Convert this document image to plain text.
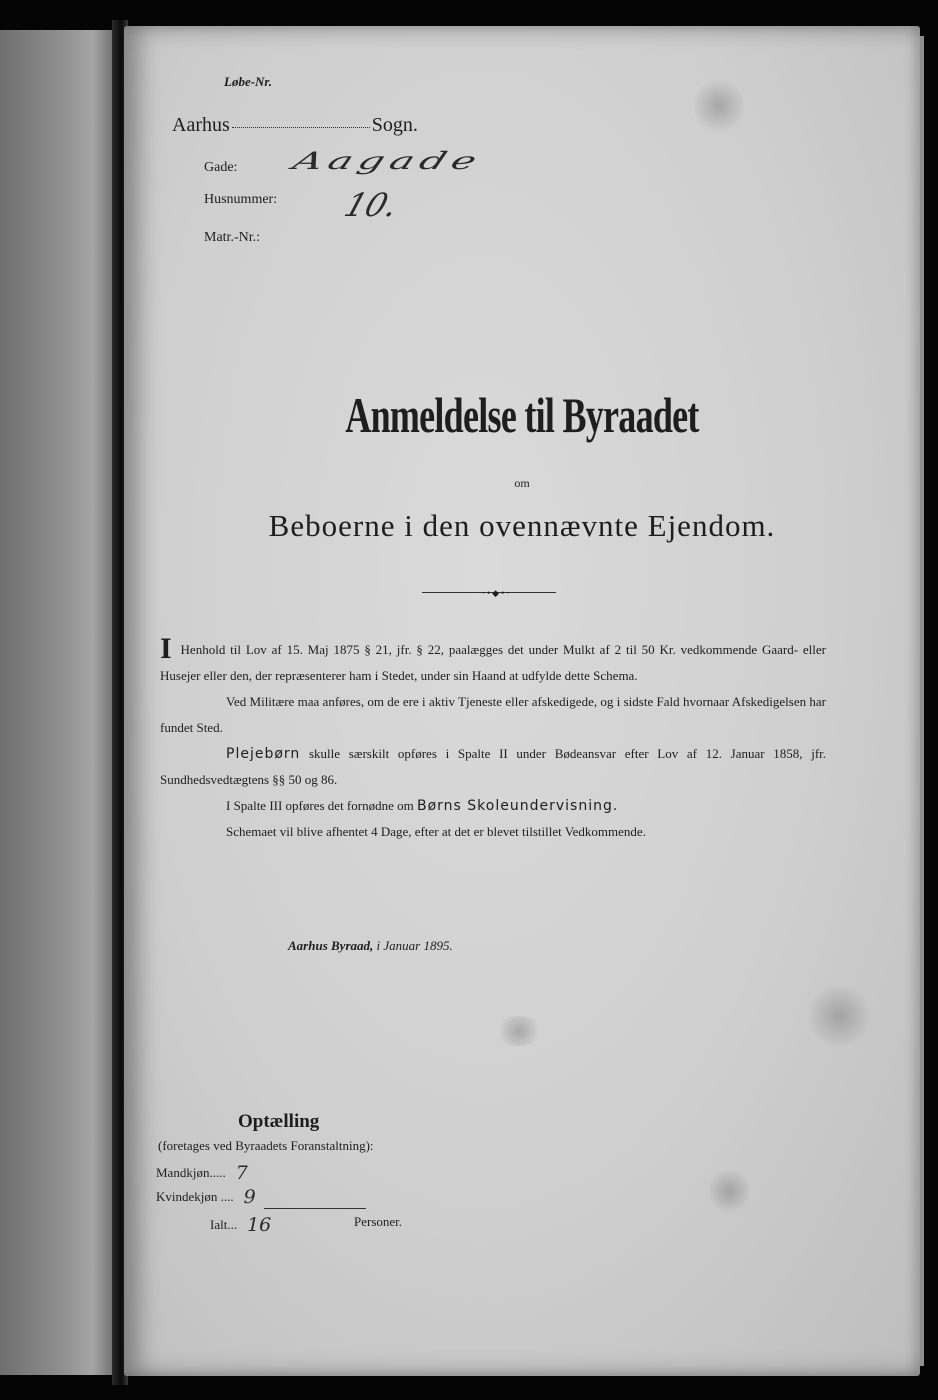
Løbe-Nr.
Aarhus	Sogn.
Gade: Aagade
Husnummer: 10.
Matr.-Nr.:
Anmeldelse til Byraadet
om
Beboerne i den ovennævnte Ejendom.
·•◆•·

I Henhold til Lov af 15. Maj 1875 § 21, jfr. § 22, paalægges det under Mulkt af 2 til 50 Kr. vedkommende Gaard- eller Husejer eller den, der repræsenterer ham i Stedet, under sin Haand at udfylde dette Schema.

Ved Militære maa anføres, om de ere i aktiv Tjeneste eller afskedigede, og i sidste Fald hvornaar Afskedigelsen har fundet Sted.

Plejebørn skulle særskilt opføres i Spalte II under Bødeansvar efter Lov af 12. Januar 1858, jfr. Sundhedsvedtægtens §§ 50 og 86.

I Spalte III opføres det fornødne om Børns Skoleundervisning.

Schemaet vil blive afhentet 4 Dage, efter at det er blevet tilstillet Vedkommende.

Aarhus Byraad, i Januar 1895.
Optælling
(foretages ved Byraadets Foranstaltning):
Mandkjøn..... 7
Kvindekjøn .... 9
Ialt... 16	Personer.
